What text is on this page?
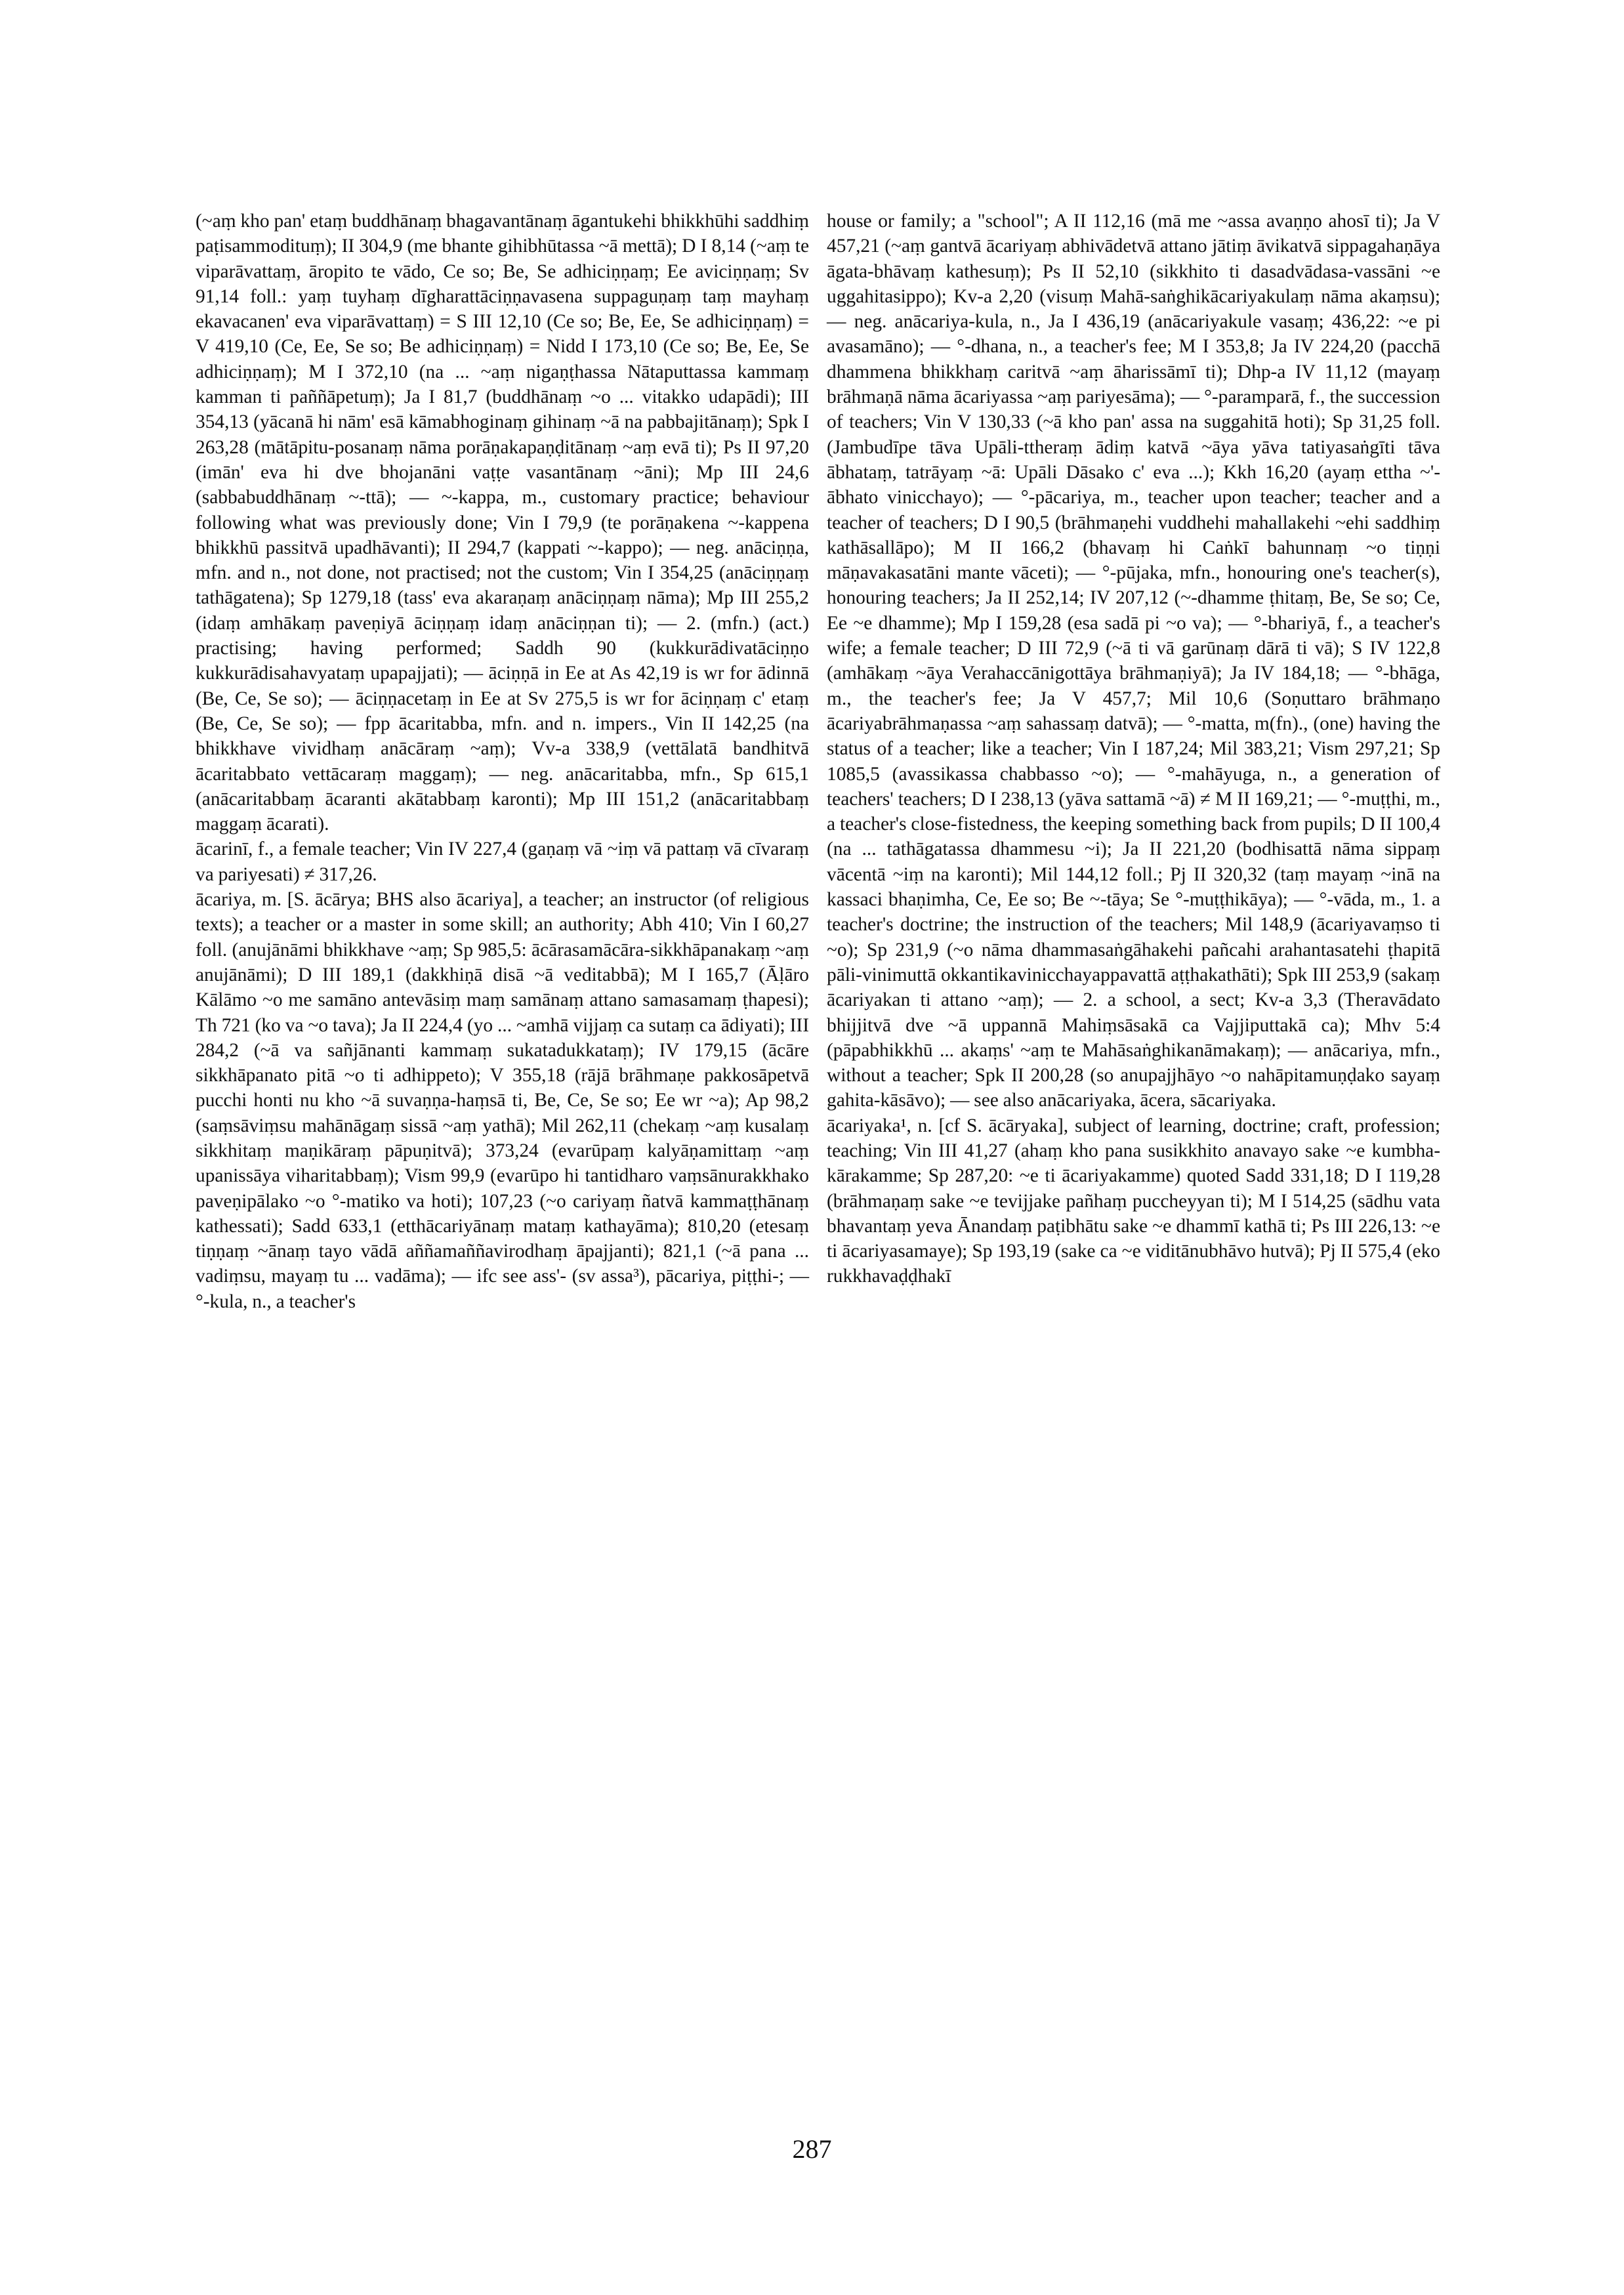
(~aṃ kho pan' etaṃ buddhānaṃ bhagavantānaṃ āgantukehi bhikkhūhi saddhiṃ paṭisammodituṃ); II 304,9 (me bhante gihibhūtassa ~ā mettā); D I 8,14 (~aṃ te viparāvattaṃ, āropito te vādo, Ce so; Be, Se adhiciṇṇaṃ; Ee aviciṇṇaṃ; Sv 91,14 foll.: yaṃ tuyhaṃ dīgharattāciṇṇavasena suppaguṇaṃ taṃ mayhaṃ ekavacanen' eva viparāvattaṃ) = S III 12,10 (Ce so; Be, Ee, Se adhiciṇṇaṃ) = V 419,10 (Ce, Ee, Se so; Be adhiciṇṇaṃ) = Nidd I 173,10 (Ce so; Be, Ee, Se adhiciṇṇaṃ); M I 372,10 (na ... ~aṃ nigaṇṭhassa Nātaputtassa kammaṃ kamman ti paññāpetuṃ); Ja I 81,7 (buddhānaṃ ~o ... vitakko udapādi); III 354,13 (yācanā hi nām' esā kāmabhoginaṃ gihinaṃ ~ā na pabbajitānaṃ); Spk I 263,28 (mātāpitu-posanaṃ nāma porāṇakapaṇḍitānaṃ ~aṃ evā ti); Ps II 97,20 (imān' eva hi dve bhojanāni vaṭṭe vasantānaṃ ~āni); Mp III 24,6 (sabbabuddhānaṃ ~-ttā); — ~-kappa, m., customary practice; behaviour following what was previously done; Vin I 79,9 (te porāṇakena ~-kappena bhikkhū passitvā upadhāvanti); II 294,7 (kappati ~-kappo); — neg. anāciṇṇa, mfn. and n., not done, not practised; not the custom; Vin I 354,25 (anāciṇṇaṃ tathāgatena); Sp 1279,18 (tass' eva akaraṇaṃ anāciṇṇaṃ nāma); Mp III 255,2 (idaṃ amhākaṃ paveṇiyā āciṇṇaṃ idaṃ anāciṇṇan ti); — 2. (mfn.) (act.) practising; having performed; Saddh 90 (kukkurādivatāciṇṇo kukkurādisahavyataṃ upapajjati); — āciṇṇā in Ee at As 42,19 is wr for ādinnā (Be, Ce, Se so); — āciṇṇacetaṃ in Ee at Sv 275,5 is wr for āciṇṇaṃ c' etaṃ (Be, Ce, Se so); — fpp ācaritabba, mfn. and n. impers., Vin II 142,25 (na bhikkhave vividhaṃ anācāraṃ ~aṃ); Vv-a 338,9 (vettālatā bandhitvā ācaritabbato vettācaraṃ maggaṃ); — neg. anācaritabba, mfn., Sp 615,1 (anācaritabbaṃ ācaranti akātabbaṃ karonti); Mp III 151,2 (anācaritabbaṃ maggaṃ ācarati).

ācarinī, f., a female teacher; Vin IV 227,4 (gaṇaṃ vā ~iṃ vā pattaṃ vā cīvaraṃ va pariyesati) ≠ 317,26.

ācariya, m. [S. ācārya; BHS also ācariya], a teacher; an instructor (of religious texts); a teacher or a master in some skill; an authority; Abh 410; Vin I 60,27 foll. (anujānāmi bhikkhave ~aṃ; Sp 985,5: ācārasamācāra-sikkhāpanakaṃ ~aṃ anujānāmi); D III 189,1 (dakkhiṇā disā ~ā veditabbā); M I 165,7 (Āḷāro Kālāmo ~o me samāno antevāsiṃ maṃ samānaṃ attano samasamaṃ ṭhapesi); Th 721 (ko va ~o tava); Ja II 224,4 (yo ... ~amhā vijjaṃ ca sutaṃ ca ādiyati); III 284,2 (~ā va sañjānanti kammaṃ sukatadukkataṃ); IV 179,15 (ācāre sikkhāpanato pitā ~o ti adhippeto); V 355,18 (rājā brāhmaṇe pakkosāpetvā pucchi honti nu kho ~ā suvaṇṇa-haṃsā ti, Be, Ce, Se so; Ee wr ~a); Ap 98,2 (saṃsāviṃsu mahānāgaṃ sissā ~aṃ yathā); Mil 262,11 (chekaṃ ~aṃ kusalaṃ sikkhitaṃ maṇikāraṃ pāpuṇitvā); 373,24 (evarūpaṃ kalyāṇamittaṃ ~aṃ upanissāya viharitabbaṃ); Vism 99,9 (evarūpo hi tantidharo vaṃsānurakkhako paveṇipālako ~o °-matiko va hoti); 107,23 (~o cariyaṃ ñatvā kammaṭṭhānaṃ kathessati); Sadd 633,1 (etthācariyānaṃ mataṃ kathayāma); 810,20 (etesaṃ tiṇṇaṃ ~ānaṃ tayo vādā aññamaññavirodhaṃ āpajjanti); 821,1 (~ā pana ... vadiṃsu, mayaṃ tu ... vadāma); — ifc see ass'- (sv assa³), pācariya, piṭṭhi-; — °-kula, n., a teacher's

house or family; a "school"; A II 112,16 (mā me ~assa avaṇṇo ahosī ti); Ja V 457,21 (~aṃ gantvā ācariyaṃ abhivādetvā attano jātiṃ āvikatvā sippagahaṇāya āgata-bhāvaṃ kathesuṃ); Ps II 52,10 (sikkhito ti dasadvādasa-vassāni ~e uggahitasippo); Kv-a 2,20 (visuṃ Mahā-saṅghikācariyakulaṃ nāma akaṃsu); — neg. anācariya-kula, n., Ja I 436,19 (anācariyakule vasaṃ; 436,22: ~e pi avasamāno); — °-dhana, n., a teacher's fee; M I 353,8; Ja IV 224,20 (pacchā dhammena bhikkhaṃ caritvā ~aṃ āharissāmī ti); Dhp-a IV 11,12 (mayaṃ brāhmaṇā nāma ācariyassa ~aṃ pariyesāma); — °-paramparā, f., the succession of teachers; Vin V 130,33 (~ā kho pan' assa na suggahitā hoti); Sp 31,25 foll. (Jambudīpe tāva Upāli-ttheraṃ ādiṃ katvā ~āya yāva tatiyasaṅgīti tāva ābhataṃ, tatrāyaṃ ~ā: Upāli Dāsako c' eva ...); Kkh 16,20 (ayaṃ ettha ~'-ābhato vinicchayo); — °-pācariya, m., teacher upon teacher; teacher and a teacher of teachers; D I 90,5 (brāhmaṇehi vuddhehi mahallakehi ~ehi saddhiṃ kathāsallāpo); M II 166,2 (bhavaṃ hi Caṅkī bahunnaṃ ~o tiṇṇi māṇavakasatāni mante vāceti); — °-pūjaka, mfn., honouring one's teacher(s), honouring teachers; Ja II 252,14; IV 207,12 (~-dhamme ṭhitaṃ, Be, Se so; Ce, Ee ~e dhamme); Mp I 159,28 (esa sadā pi ~o va); — °-bhariyā, f., a teacher's wife; a female teacher; D III 72,9 (~ā ti vā garūnaṃ dārā ti vā); S IV 122,8 (amhākaṃ ~āya Verahaccānigottāya brāhmaṇiyā); Ja IV 184,18; — °-bhāga, m., the teacher's fee; Ja V 457,7; Mil 10,6 (Soṇuttaro brāhmaṇo ācariyabrāhmaṇassa ~aṃ sahassaṃ datvā); — °-matta, m(fn)., (one) having the status of a teacher; like a teacher; Vin I 187,24; Mil 383,21; Vism 297,21; Sp 1085,5 (avassikassa chabbasso ~o); — °-mahāyuga, n., a generation of teachers' teachers; D I 238,13 (yāva sattamā ~ā) ≠ M II 169,21; — °-muṭṭhi, m., a teacher's close-fistedness, the keeping something back from pupils; D II 100,4 (na ... tathāgatassa dhammesu ~i); Ja II 221,20 (bodhisattā nāma sippaṃ vācentā ~iṃ na karonti); Mil 144,12 foll.; Pj II 320,32 (taṃ mayaṃ ~inā na kassaci bhaṇimha, Ce, Ee so; Be ~-tāya; Se °-muṭṭhikāya); — °-vāda, m., 1. a teacher's doctrine; the instruction of the teachers; Mil 148,9 (ācariyavaṃso ti ~o); Sp 231,9 (~o nāma dhammasaṅgāhakehi pañcahi arahantasatehi ṭhapitā pāli-vinimuttā okkantikavinicchayappavattā aṭṭhakathāti); Spk III 253,9 (sakaṃ ācariyakan ti attano ~aṃ); — 2. a school, a sect; Kv-a 3,3 (Theravādato bhijjitvā dve ~ā uppannā Mahiṃsāsakā ca Vajjiputtakā ca); Mhv 5:4 (pāpabhikkhū ... akaṃs' ~aṃ te Mahāsaṅghikanāmakaṃ); — anācariya, mfn., without a teacher; Spk II 200,28 (so anupajjhāyo ~o nahāpitamuṇḍako sayaṃ gahita-kāsāvo); — see also anācariyaka, ācera, sācariyaka.

ācariyaka¹, n. [cf S. ācāryaka], subject of learning, doctrine; craft, profession; teaching; Vin III 41,27 (ahaṃ kho pana susikkhito anavayo sake ~e kumbha-kārakamme; Sp 287,20: ~e ti ācariyakamme) quoted Sadd 331,18; D I 119,28 (brāhmaṇaṃ sake ~e tevijjake pañhaṃ puccheyyan ti); M I 514,25 (sādhu vata bhavantaṃ yeva Ānandaṃ paṭibhātu sake ~e dhammī kathā ti; Ps III 226,13: ~e ti ācariyasamaye); Sp 193,19 (sake ca ~e viditānubhāvo hutvā); Pj II 575,4 (eko rukkhavaḍḍhakī

287
